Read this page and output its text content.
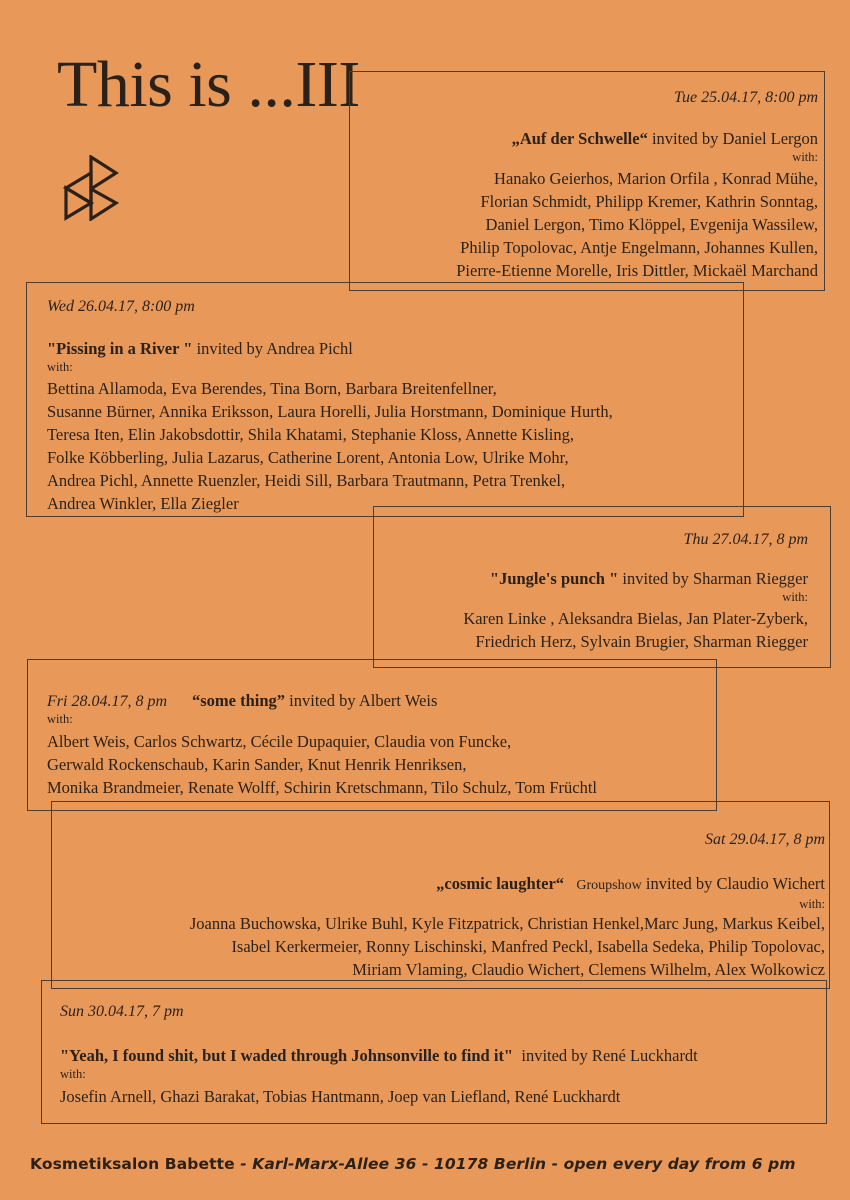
This is ...III	Tue 25.04.17, 8:00 pm
„Auf der Schwelle“ invited by Daniel Lergon
with:
Hanako Geierhos, Marion Orfila , Konrad Mühe,
Florian Schmidt, Philipp Kremer, Kathrin Sonntag,
Daniel Lergon, Timo Klöppel, Evgenija Wassilew,
Philip Topolovac, Antje Engelmann, Johannes Kullen,
Pierre-Etienne Morelle, Iris Dittler, Mickaël Marchand
Wed 26.04.17, 8:00 pm
"Pissing in a River " invited by Andrea Pichl
with:
Bettina Allamoda, Eva Berendes, Tina Born, Barbara Breitenfellner,
Susanne Bürner, Annika Eriksson, Laura Horelli, Julia Horstmann, Dominique Hurth,
Teresa Iten, Elin Jakobsdottir, Shila Khatami, Stephanie Kloss, Annette Kisling,
Folke Köbberling, Julia Lazarus, Catherine Lorent, Antonia Low, Ulrike Mohr,
Andrea Pichl, Annette Ruenzler, Heidi Sill, Barbara Trautmann, Petra Trenkel,
Andrea Winkler, Ella Ziegler
Thu 27.04.17, 8 pm
"Jungle's punch " invited by Sharman Riegger
with:
Karen Linke , Aleksandra Bielas, Jan Plater-Zyberk,
Friedrich Herz, Sylvain Brugier, Sharman Riegger
Fri 28.04.17, 8 pm “some thing” invited by Albert Weis
with:
Albert Weis, Carlos Schwartz, Cécile Dupaquier, Claudia von Funcke,
Gerwald Rockenschaub, Karin Sander, Knut Henrik Henriksen,
Monika Brandmeier, Renate Wolff, Schirin Kretschmann, Tilo Schulz, Tom Früchtl
Sat 29.04.17, 8 pm
„cosmic laughter“ Groupshow invited by Claudio Wichert
with:
Joanna Buchowska, Ulrike Buhl, Kyle Fitzpatrick, Christian Henkel,Marc Jung, Markus Keibel,
Isabel Kerkermeier, Ronny Lischinski, Manfred Peckl, Isabella Sedeka, Philip Topolovac,
Miriam Vlaming, Claudio Wichert, Clemens Wilhelm, Alex Wolkowicz
Sun 30.04.17, 7 pm
"Yeah, I found shit, but I waded through Johnsonville to find it" invited by René Luckhardt
with:
Josefin Arnell, Ghazi Barakat, Tobias Hantmann, Joep van Liefland, René Luckhardt
Kosmetiksalon Babette - Karl-Marx-Allee 36 - 10178 Berlin - open every day from 6 pm
